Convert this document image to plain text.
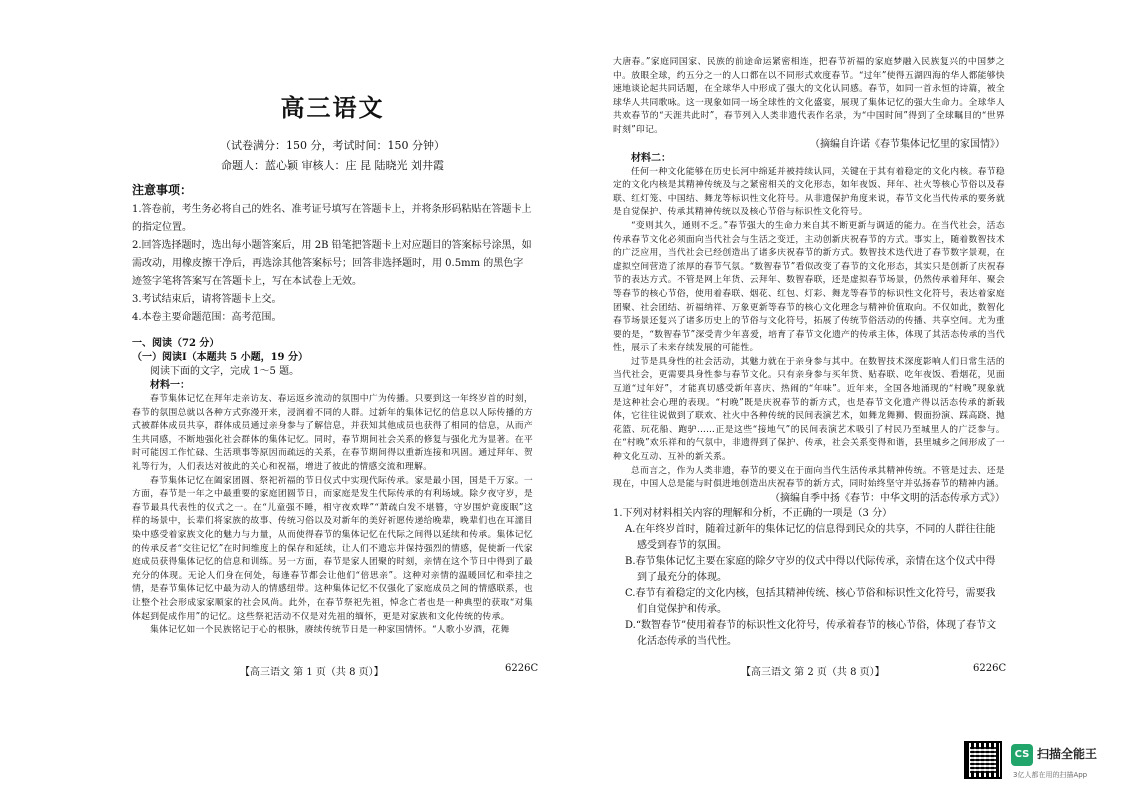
高三语文

（试卷满分：150 分，考试时间：150 分钟）

命题人：蓝心颖 审核人：庄 昆 陆晓光 刘井霞

注意事项：

1.答卷前，考生务必将自己的姓名、准考证号填写在答题卡上，并将条形码粘贴在答题卡上的指定位置。

2.回答选择题时，选出每小题答案后，用 2B 铅笔把答题卡上对应题目的答案标号涂黑，如需改动，用橡皮擦干净后，再选涂其他答案标号；回答非选择题时，用 0.5mm 的黑色字迹签字笔将答案写在答题卡上，写在本试卷上无效。

3.考试结束后，请将答题卡上交。

4.本卷主要命题范围：高考范围。

一、阅读（72 分）

（一）阅读Ⅰ（本题共 5 小题，19 分）

阅读下面的文字，完成 1～5 题。

材料一：

春节集体记忆在拜年走亲访友、春运返乡流动的氛围中广为传播。只要到这一年终岁首的时刻，春节的氛围总就以各种方式弥漫开来，浸润着不同的人群。过新年的集体记忆的信息以人际传播的方式被群体成员共享，群体成员通过亲身参与了解信息，并获知其他成员也获得了相同的信息，从而产生共同感，不断地强化社会群体的集体记忆。同时，春节期间社会关系的修复与强化尤为显著。在平时可能因工作忙碌、生活琐事等原因而疏远的关系，在春节期间得以重新连接和巩固。通过拜年、贺礼等行为，人们表达对彼此的关心和祝福，增进了彼此的情感交流和理解。

春节集体记忆在阖家团圆、祭祀祈福的节日仪式中实现代际传承。家是最小国，国是千万家。一方面，春节是一年之中最重要的家庭团圆节日，而家庭是发生代际传承的有利场域。除夕夜守岁，是春节最具代表性的仪式之一。在“儿童强不睡，相守夜欢哗”“萧疏白发不堪簪，守岁围炉竟废眠”这样的场景中，长辈们将家族的故事、传统习俗以及对新年的美好祈愿传递给晚辈，晚辈们也在耳濡目染中感受着家族文化的魅力与力量，从而使得春节的集体记忆在代际之间得以延续和传承。集体记忆的传承反者“交往记忆”在时间维度上的保存和延续，让人们不遗忘并保持强烈的情感，促使新一代家庭成员获得集体记忆的信息和训练。另一方面，春节是家人团聚的时刻，亲情在这个节日中得到了最充分的体现。无论人们身在何处，每逢春节都会让他们“倍思亲”。这种对亲情的温暖回忆和牵挂之情，是春节集体记忆中最为动人的情感纽带。这种集体记忆不仅强化了家庭成员之间的情感联系，也让整个社会形成家家顺家的社会风尚。此外，在春节祭祀先祖，悼念亡者也是一种典型的获取“对集体起到促成作用”的记忆。这些祭祀活动不仅是对先祖的缅怀，更是对家族和文化传统的传承。

集体记忆如一个民族铭记于心的根脉，赓续传统节日是一种家国情怀。“人歌小岁酒，花舞

【高三语文 第 1 页（共 8 页）】	6226C

大唐春。”家庭同国家、民族的前途命运紧密相连，把春节祈福的家庭梦融入民族复兴的中国梦之中。放眼全球，约五分之一的人口都在以不同形式欢度春节。“过年”使得五湖四海的华人都能够快速地谈论起共同话题，在全球华人中形成了强大的文化认同感。春节，如同一首永恒的诗篇，被全球华人共同歌咏。这一现象如同一场全球性的文化盛宴，展现了集体记忆的强大生命力。全球华人共欢春节的“天涯共此时”，春节列入人类非遗代表作名录，为“中国时间”得到了全球瞩目的“世界时刻”印记。

（摘编自许诺《春节集体记忆里的家国情》）

材料二：

任何一种文化能够在历史长河中绵延并被持续认同，关键在于其有着稳定的文化内核。春节稳定的文化内核是其精神传统及与之紧密相关的文化形态，如年夜饭、拜年、社火等核心节俗以及春联、红灯笼、中国结、舞龙等标识性文化符号。从非遗保护角度来说，春节文化当代传承的要务就是自觉保护、传承其精神传统以及核心节俗与标识性文化符号。

“变则其久，通则不乏。”春节强大的生命力来自其不断更新与调适的能力。在当代社会，活态传承春节文化必须面向当代社会与生活之变迁，主动创新庆祝春节的方式。事实上，随着数智技术的广泛应用，当代社会已经创造出了诸多庆祝春节的新方式。数智技术迭代进了春节数字景观，在虚拟空间营造了浓厚的春节气氛。“数智春节”看似改变了春节的文化形态，其实只是创新了庆祝春节的表达方式。不管是网上年货、云拜年、数智春联，还是虚拟春节场景，仍然传承着拜年、聚会等春节的核心节俗，使用着春联、烟花、红包、灯彩、舞龙等春节的标识性文化符号，表达着家庭团聚、社会团结、祈福纳祥、万象更新等春节的核心文化理念与精神价值取向。不仅如此，数智化春节场景还复兴了诸多历史上的节俗与文化符号，拓展了传统节俗活动的传播、共享空间。尤为重要的是，“数智春节”深受青少年喜爱，培育了春节文化遗产的传承主体，体现了其活态传承的当代性，展示了未来存续发展的可能性。

过节是具身性的社会活动，其魅力就在于亲身参与其中。在数智技术深度影响人们日常生活的当代社会，更需要具身性参与春节文化。只有亲身参与买年货、贴春联、吃年夜饭、看烟花，见面互道“过年好”，才能真切感受新年喜庆、热闹的“年味”。近年来，全国各地涌现的“村晚”现象就是这种社会心理的表现。“村晚”既是庆祝春节的新方式，也是春节文化遗产得以活态传承的新载体，它往往说做到了联欢、社火中各种传统的民间表演艺术，如舞龙舞狮、假面扮演、踩高跷、抛花篮、玩花船、跑驴……正是这些“接地气”的民间表演艺术吸引了村民乃至城里人的广泛参与。在“村晚”欢乐祥和的气氛中，非遗得到了保护、传承，社会关系变得和谐，县里城乡之间形成了一种文化互动、互补的新关系。

总而言之，作为人类非遗，春节的要义在于面向当代生活传承其精神传统。不管是过去、还是现在，中国人总是能与时俱进地创造出庆祝春节的新方式，同时始终坚守并弘扬春节的精神内涵。

（摘编自季中扬《春节：中华文明的活态传承方式》）

1.下列对材料相关内容的理解和分析，不正确的一项是（3 分）

A.在年终岁首时，随着过新年的集体记忆的信息得到民众的共享，不同的人群往往能感受到春节的氛围。

B.春节集体记忆主要在家庭的除夕守岁的仪式中得以代际传承，亲情在这个仪式中得到了最充分的体现。

C.春节有着稳定的文化内核，包括其精神传统、核心节俗和标识性文化符号，需要我们自觉保护和传承。

D.“数智春节”使用着春节的标识性文化符号，传承着春节的核心节俗，体现了春节文化活态传承的当代性。

【高三语文 第 2 页（共 8 页）】	6226C
CS 扫描全能王
3亿人都在用的扫描App
